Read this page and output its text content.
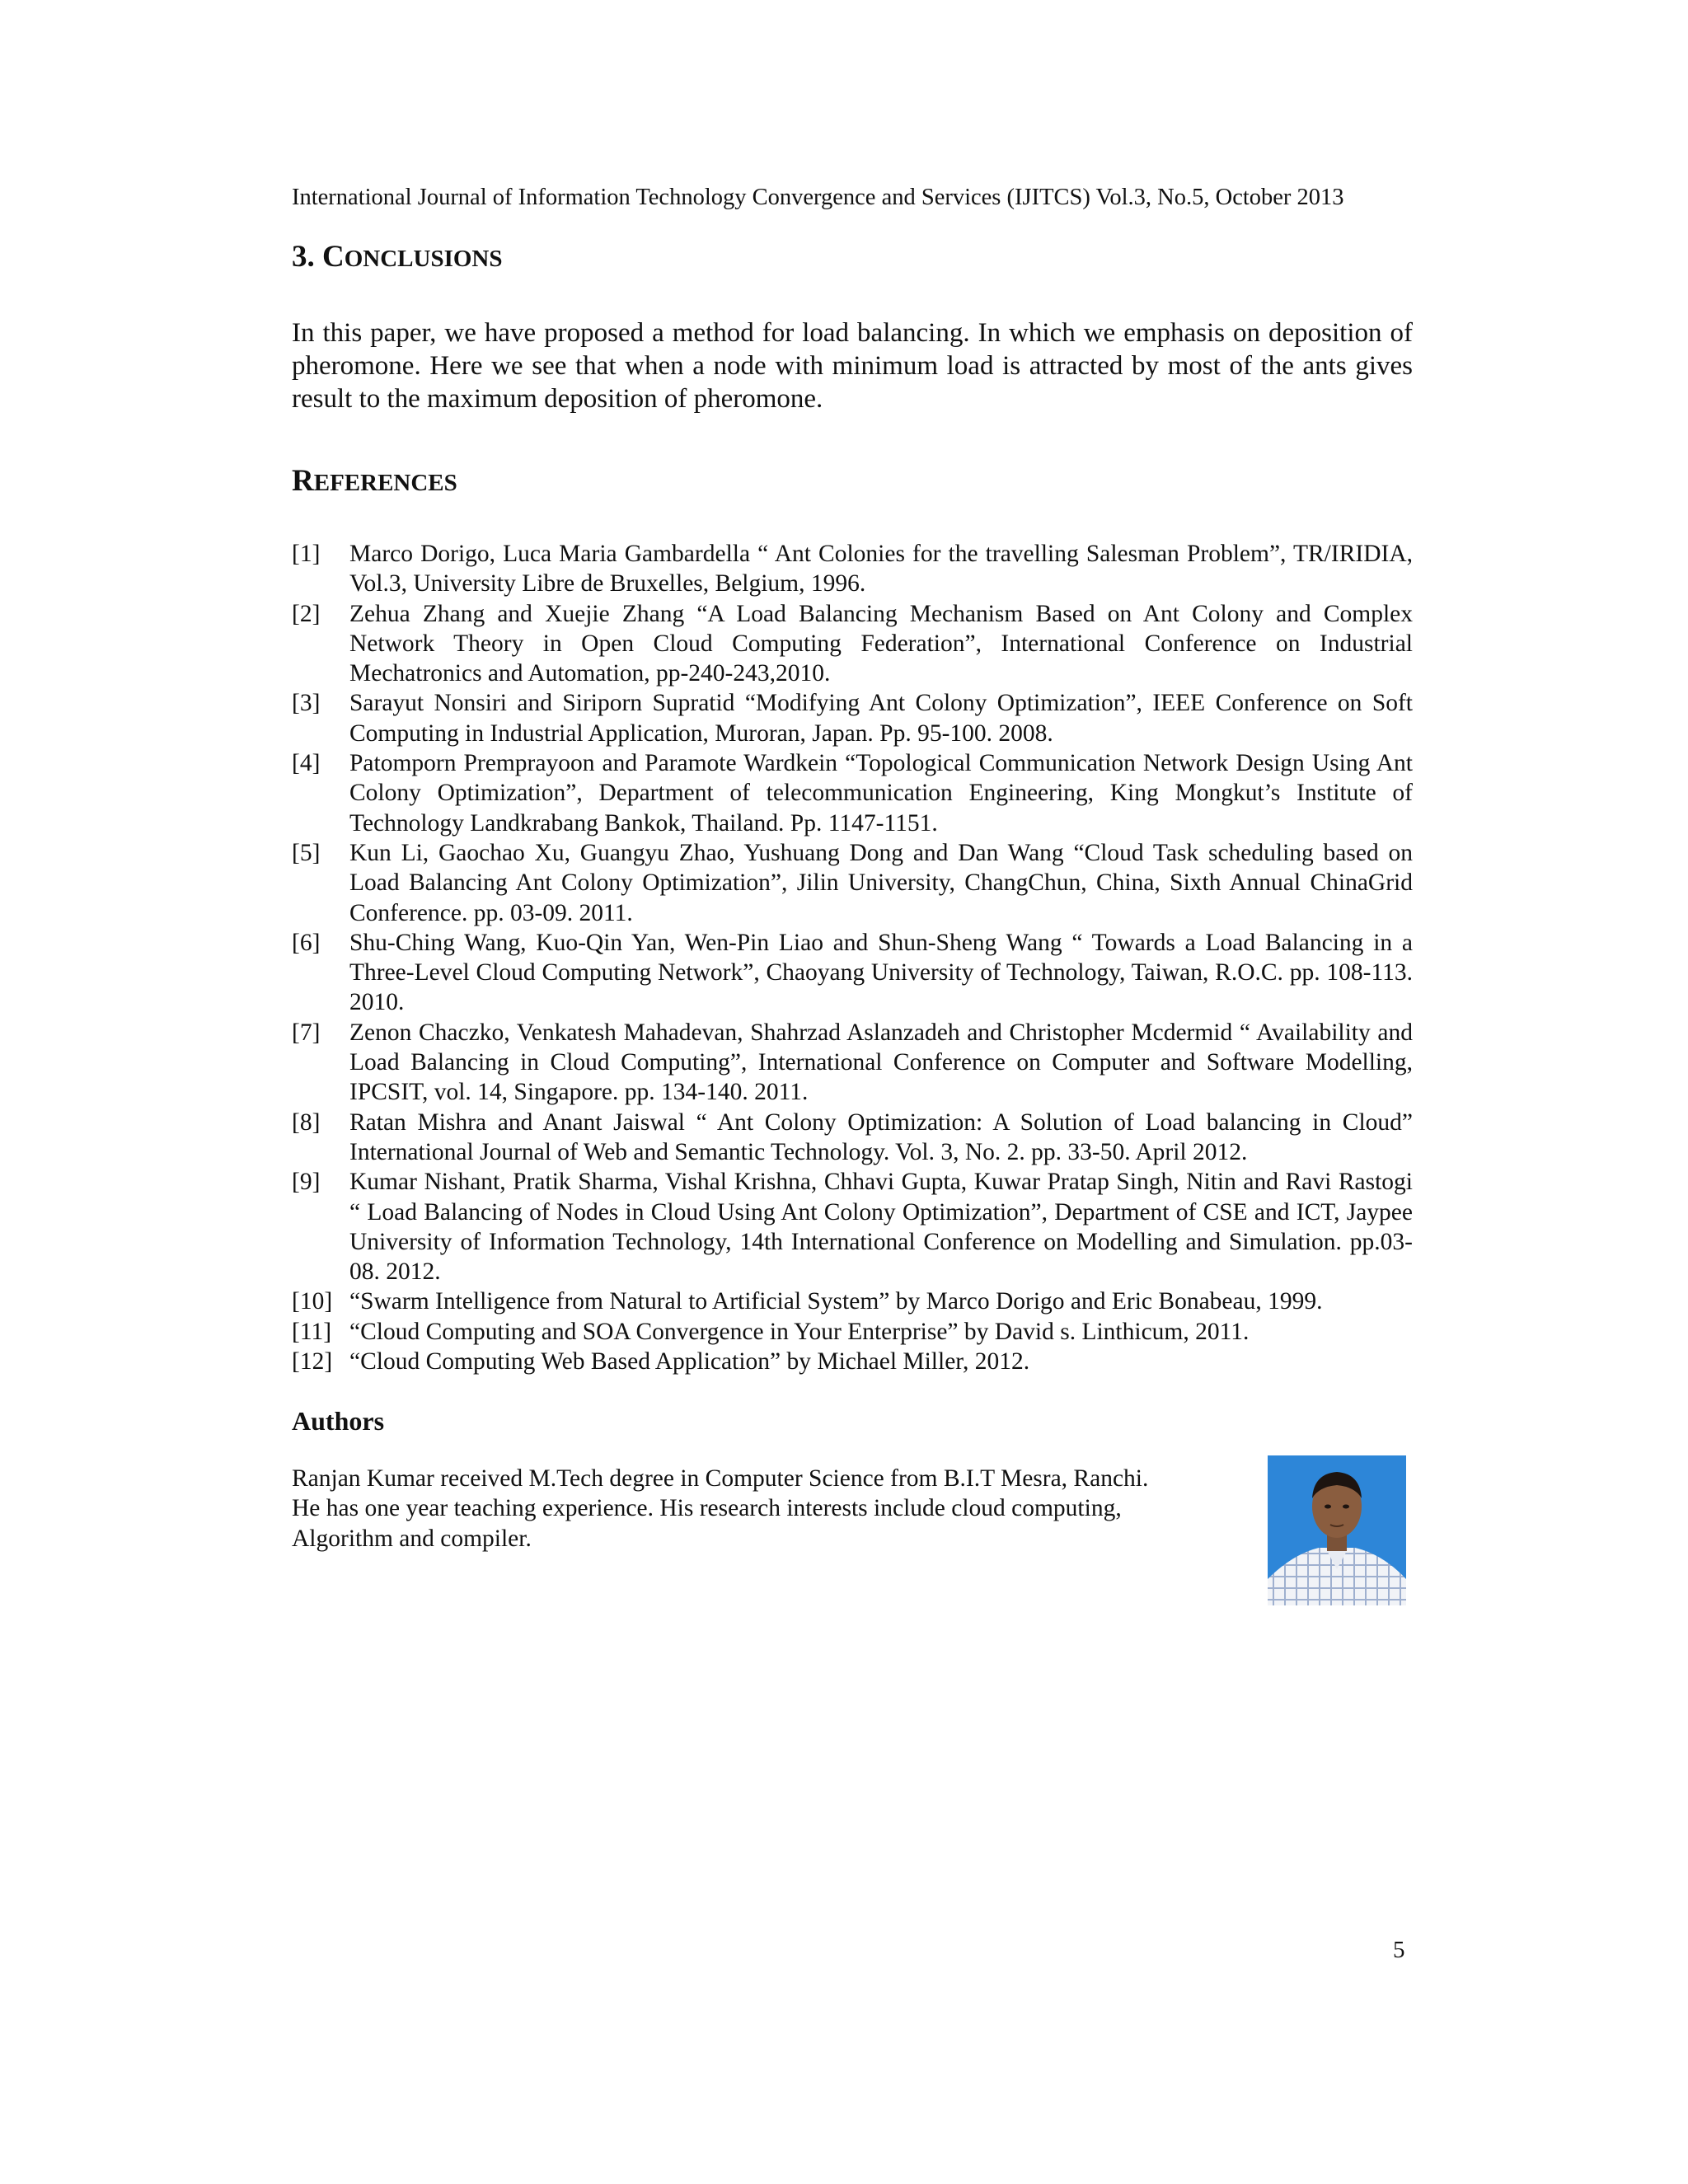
International Journal of Information Technology Convergence and Services (IJITCS) Vol.3, No.5, October 2013
3. CONCLUSIONS

In this paper, we have proposed a method for load balancing. In which we emphasis on deposition of pheromone. Here we see that when a node with minimum load is attracted by most of the ants gives result to the maximum deposition of pheromone.

REFERENCES
[1]	Marco Dorigo, Luca Maria Gambardella “ Ant Colonies for the travelling Salesman Problem”, TR/IRIDIA, Vol.3, University Libre de Bruxelles, Belgium, 1996.
[2]	Zehua Zhang and Xuejie Zhang “A Load Balancing Mechanism Based on Ant Colony and Complex Network Theory in Open Cloud Computing Federation”, International Conference on Industrial Mechatronics and Automation, pp-240-243,2010.
[3]	Sarayut Nonsiri and Siriporn Supratid “Modifying Ant Colony Optimization”, IEEE Conference on Soft Computing in Industrial Application, Muroran, Japan. Pp. 95-100. 2008.
[4]	Patomporn Premprayoon and Paramote Wardkein “Topological Communication Network Design Using Ant Colony Optimization”, Department of telecommunication Engineering, King Mongkut’s Institute of Technology Landkrabang Bankok, Thailand. Pp. 1147-1151.
[5]	Kun Li, Gaochao Xu, Guangyu Zhao, Yushuang Dong and Dan Wang “Cloud Task scheduling based on Load Balancing Ant Colony Optimization”, Jilin University, ChangChun, China, Sixth Annual ChinaGrid Conference. pp. 03-09. 2011.
[6]	Shu-Ching Wang, Kuo-Qin Yan, Wen-Pin Liao and Shun-Sheng Wang “ Towards a Load Balancing in a Three-Level Cloud Computing Network”, Chaoyang University of Technology, Taiwan, R.O.C. pp. 108-113. 2010.
[7]	Zenon Chaczko, Venkatesh Mahadevan, Shahrzad Aslanzadeh and Christopher Mcdermid “ Availability and Load Balancing in Cloud Computing”, International Conference on Computer and Software Modelling, IPCSIT, vol. 14, Singapore. pp. 134-140. 2011.
[8]	Ratan Mishra and Anant Jaiswal “ Ant Colony Optimization: A Solution of Load balancing in Cloud” International Journal of Web and Semantic Technology. Vol. 3, No. 2. pp. 33-50. April 2012.
[9]	Kumar Nishant, Pratik Sharma, Vishal Krishna, Chhavi Gupta, Kuwar Pratap Singh, Nitin and Ravi Rastogi “ Load Balancing of Nodes in Cloud Using Ant Colony Optimization”, Department of CSE and ICT, Jaypee University of Information Technology, 14th International Conference on Modelling and Simulation. pp.03-08. 2012.
[10] “Swarm Intelligence from Natural to Artificial System” by Marco Dorigo and Eric Bonabeau, 1999.
[11] “Cloud Computing and SOA Convergence in Your Enterprise” by David s. Linthicum, 2011.
[12] “Cloud Computing Web Based Application” by Michael Miller, 2012.
Authors

Ranjan Kumar received M.Tech degree in Computer Science from B.I.T Mesra, Ranchi.
He has one year teaching experience. His research interests include cloud computing,
Algorithm and compiler.

5
